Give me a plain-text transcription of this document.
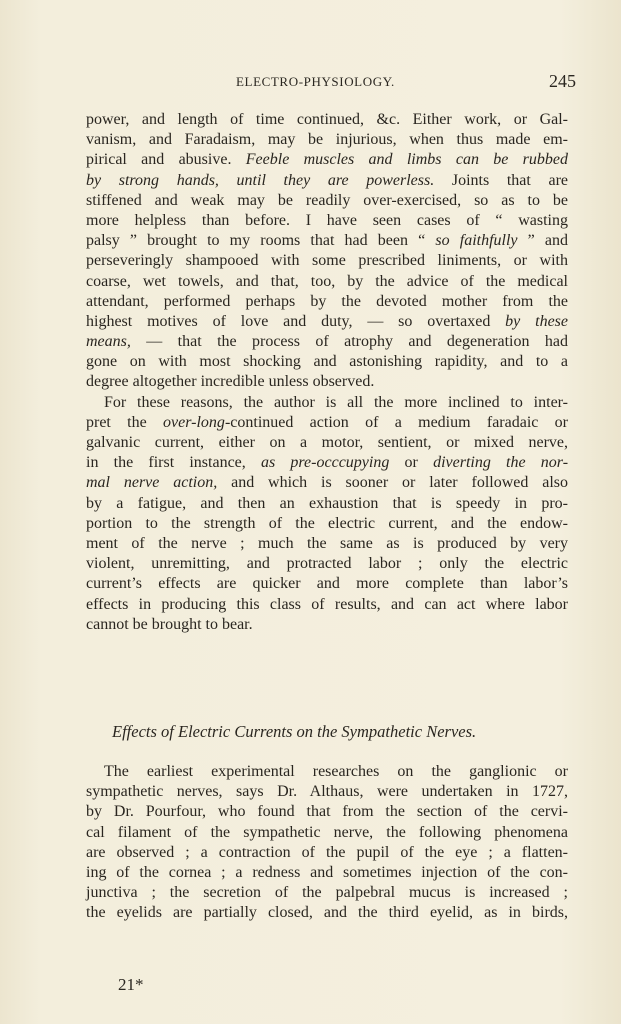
ELECTRO-PHYSIOLOGY.	245
power, and length of time continued, &c. Either work, or Gal-
vanism, and Faradaism, may be injurious, when thus made em-
pirical and abusive. Feeble muscles and limbs can be rubbed
by strong hands, until they are powerless. Joints that are
stiffened and weak may be readily over-exercised, so as to be
more helpless than before. I have seen cases of “ wasting
palsy ” brought to my rooms that had been “ so faithfully ” and
perseveringly shampooed with some prescribed liniments, or with
coarse, wet towels, and that, too, by the advice of the medical
attendant, performed perhaps by the devoted mother from the
highest motives of love and duty, — so overtaxed by these
means, — that the process of atrophy and degeneration had
gone on with most shocking and astonishing rapidity, and to a
degree altogether incredible unless observed.
For these reasons, the author is all the more inclined to inter-
pret the over-long-continued action of a medium faradaic or
galvanic current, either on a motor, sentient, or mixed nerve,
in the first instance, as pre-occcupying or diverting the nor-
mal nerve action, and which is sooner or later followed also
by a fatigue, and then an exhaustion that is speedy in pro-
portion to the strength of the electric current, and the endow-
ment of the nerve ; much the same as is produced by very
violent, unremitting, and protracted labor ; only the electric
current’s effects are quicker and more complete than labor’s
effects in producing this class of results, and can act where labor
cannot be brought to bear.
Effects of Electric Currents on the Sympathetic Nerves.
The earliest experimental researches on the ganglionic or
sympathetic nerves, says Dr. Althaus, were undertaken in 1727,
by Dr. Pourfour, who found that from the section of the cervi-
cal filament of the sympathetic nerve, the following phenomena
are observed ; a contraction of the pupil of the eye ; a flatten-
ing of the cornea ; a redness and sometimes injection of the con-
junctiva ; the secretion of the palpebral mucus is increased ;
the eyelids are partially closed, and the third eyelid, as in birds,
21*
